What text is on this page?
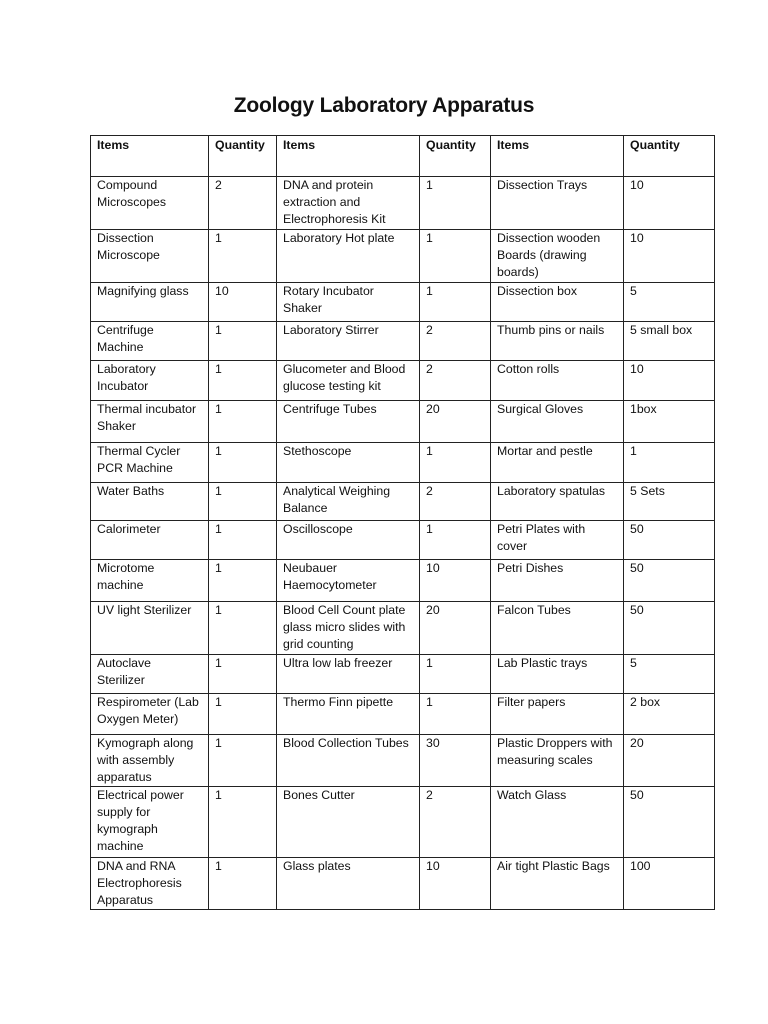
Zoology Laboratory Apparatus
Items	Quantity	Items	Quantity	Items	Quantity
Compound Microscopes	2	DNA and protein extraction and Electrophoresis Kit	1	Dissection Trays	10
Dissection Microscope	1	Laboratory Hot plate	1	Dissection wooden Boards (drawing boards)	10
Magnifying glass	10	Rotary Incubator Shaker	1	Dissection box	5
Centrifuge Machine	1	Laboratory Stirrer	2	Thumb pins or nails	5 small box
Laboratory Incubator	1	Glucometer and Blood glucose testing kit	2	Cotton rolls	10
Thermal incubator Shaker	1	Centrifuge Tubes	20	Surgical Gloves	1box
Thermal Cycler PCR Machine	1	Stethoscope	1	Mortar and pestle	1
Water Baths	1	Analytical Weighing Balance	2	Laboratory spatulas	5 Sets
Calorimeter	1	Oscilloscope	1	Petri Plates with cover	50
Microtome machine	1	Neubauer Haemocytometer	10	Petri Dishes	50
UV light Sterilizer	1	Blood Cell Count plate glass micro slides with grid counting	20	Falcon Tubes	50
Autoclave Sterilizer	1	Ultra low lab freezer	1	Lab Plastic trays	5
Respirometer (Lab Oxygen Meter)	1	Thermo Finn pipette	1	Filter papers	2 box
Kymograph along with assembly apparatus	1	Blood Collection Tubes	30	Plastic Droppers with measuring scales	20
Electrical power supply for kymograph machine	1	Bones Cutter	2	Watch Glass	50
DNA and RNA Electrophoresis Apparatus	1	Glass plates	10	Air tight Plastic Bags	100
